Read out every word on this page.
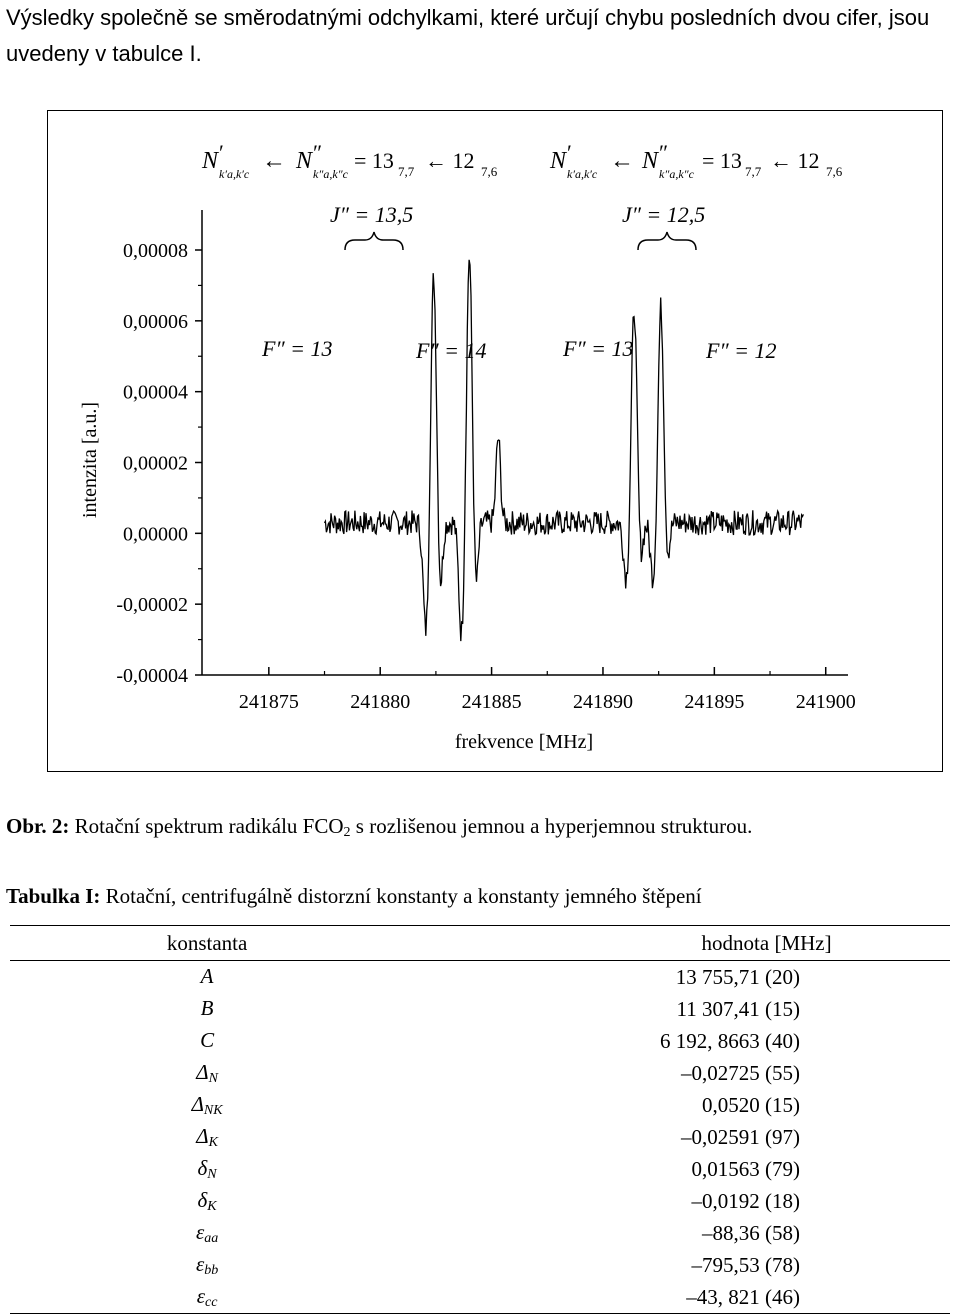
Výsledky společně se směrodatnými odchylkami, které určují chybu posledních dvou cifer, jsou uvedeny v tabulce I.
0,00008
0,00006
0,00004
0,00002
0,00000
-0,00002
-0,00004
241875	241880	241885	241890	241895	241900
intenzita [a.u.]
frekvence [MHz]
N ′
k′a,k′c ← N ″
k″a,k″c
= 13 7,7 ← 12 7,6 N ′
k′a,k′c ← N ″
k″a,k″c
= 13 7,7 ← 12 7,6
J″ = 13,5	J″ = 12,5
F″ = 13	F″ = 14	F″ = 13	F″ = 12
Obr. 2: Rotační spektrum radikálu $FCO_2$ s rozlišenou jemnou a hyperjemnou strukturou.
Tabulka I: Rotační, centrifugálně distorzní konstanty a konstanty jemného štěpení
konstanta	hodnota [MHz]
A	13 755,71 (20)
B	11 307,41 (15)
C	6 192, 8663 (40)
$\Delta_N$	–0,02725 (55)
$\Delta_{NK}$	0,0520 (15)
$\Delta_K$	–0,02591 (97)
$\delta_N$	0,01563 (79)
$\delta_K$	–0,0192 (18)
$\varepsilon_{aa}$	–88,36 (58)
$\varepsilon_{bb}$	–795,53 (78)
$\varepsilon_{cc}$	–43, 821 (46)
